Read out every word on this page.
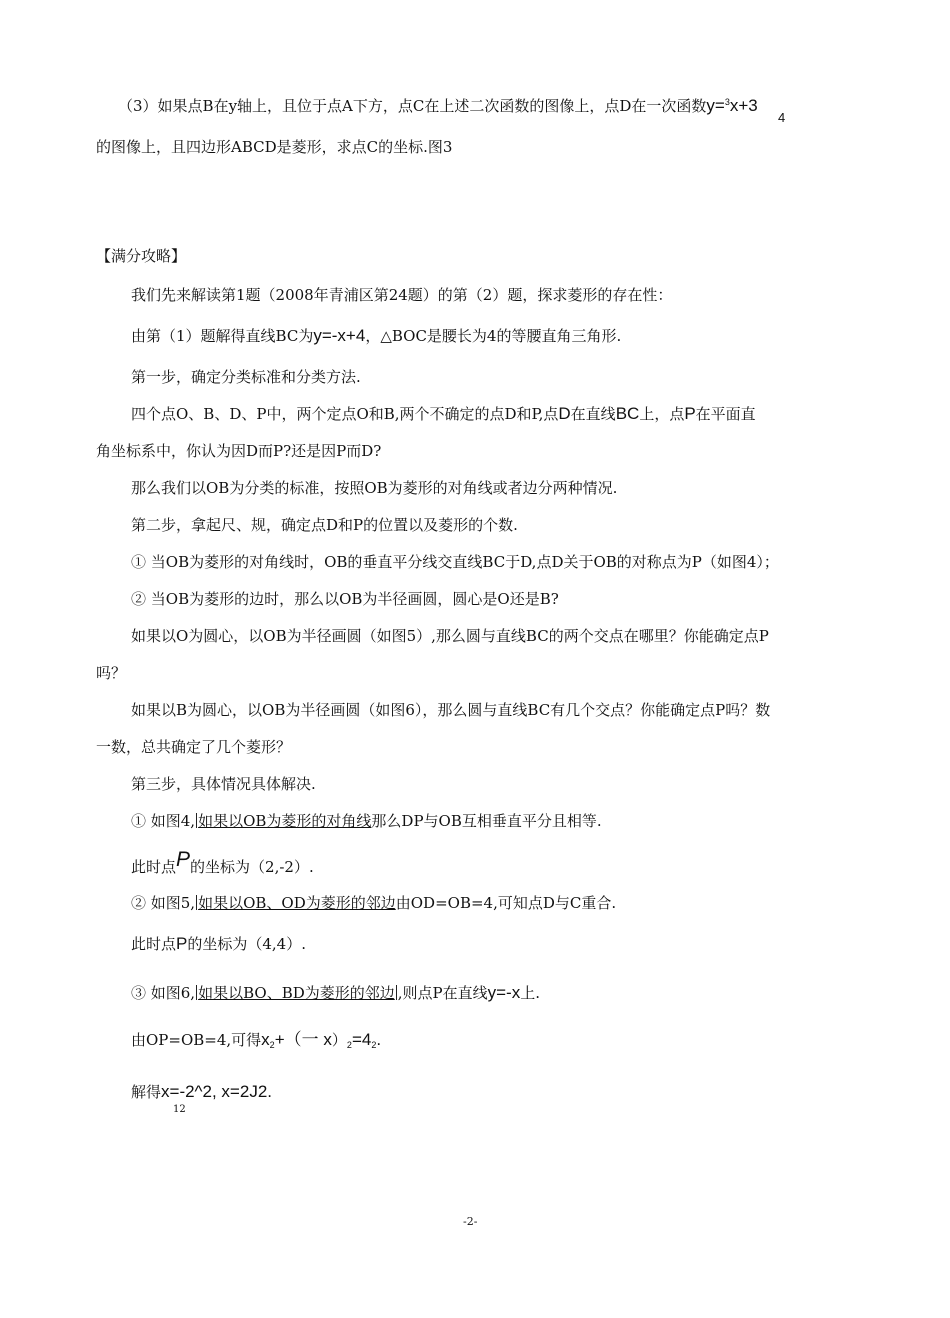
（3）如果点B在y轴上，且位于点A下方，点C在上述二次函数的图像上，点D在一次函数y=$^3$x+3
4
的图像上，且四边形ABCD是菱形，求点C的坐标.图3
【满分攻略】
我们先来解读第1题（2008年青浦区第24题）的第（2）题，探求菱形的存在性：
由第（1）题解得直线BC为y=-x+4，△BOC是腰长为4的等腰直角三角形.
第一步，确定分类标准和分类方法.
四个点O、B、D、P中，两个定点O和B,两个不确定的点D和P,点D在直线BC上，点P在平面直
角坐标系中，你认为因D而P?还是因P而D?
那么我们以OB为分类的标准，按照OB为菱形的对角线或者边分两种情况.
第二步，拿起尺、规，确定点D和P的位置以及菱形的个数.
① 当OB为菱形的对角线时，OB的垂直平分线交直线BC于D,点D关于OB的对称点为P（如图4）；
② 当OB为菱形的边时，那么以OB为半径画圆，圆心是O还是B?
如果以O为圆心，以OB为半径画圆（如图5）,那么圆与直线BC的两个交点在哪里？你能确定点P
吗？
如果以B为圆心，以OB为半径画圆（如图6），那么圆与直线BC有几个交点？你能确定点P吗？数
一数，总共确定了几个菱形？
第三步，具体情况具体解决.
① 如图4, 如果以OB为菱形的对角线那么DP与OB互相垂直平分且相等.
此时点P的坐标为（2,-2）.
② 如图5, 如果以OB、OD为菱形的邻边由OD=OB=4,可知点D与C重合.
此时点P的坐标为（4,4）.
③ 如图6, 如果以BO、BD为菱形的邻边 ,则点P在直线y=-x上.
由OP=OB=4,可得$x_2+$（一 $x)_2=4_2$.
解得x=-2^2, x=2J2.
12
-2-
